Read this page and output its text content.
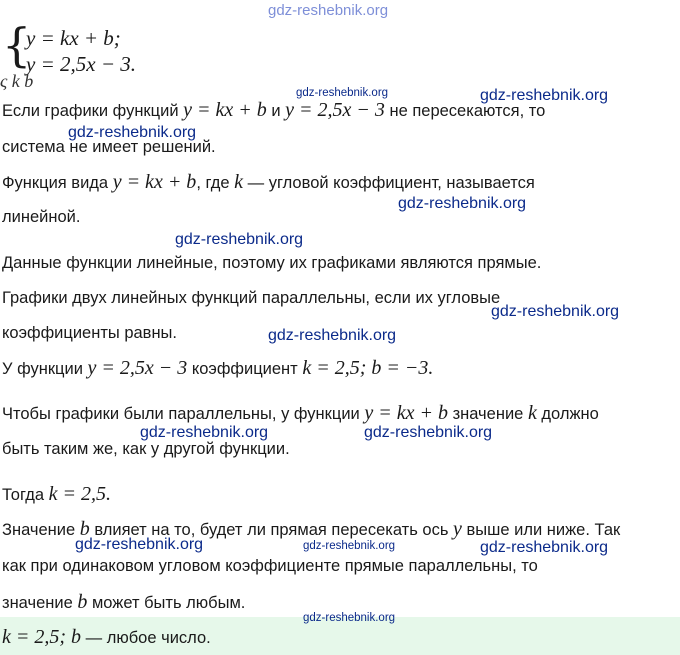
gdz-reshebnik.org
{
y = kx + b;
y = 2,5x − 3.
ς k b
Если графики функций y = kx + b и y = 2,5x − 3 не пересекаются, то
система не имеет решений.
Функция вида y = kx + b, где k — угловой коэффициент, называется
линейной.
Данные функции линейные, поэтому их графиками являются прямые.
Графики двух линейных функций параллельны, если их угловые
коэффициенты равны.
У функции y = 2,5x − 3 коэффициент k = 2,5; b = −3.
Чтобы графики были параллельны, у функции y = kx + b значение k должно
быть таким же, как у другой функции.
Тогда k = 2,5.
Значение b влияет на то, будет ли прямая пересекать ось y выше или ниже. Так
как при одинаковом угловом коэффициенте прямые параллельны, то
значение b может быть любым.
k = 2,5; b — любое число.
gdz-reshebnik.org	gdz-reshebnik.org
gdz-reshebnik.org
gdz-reshebnik.org
gdz-reshebnik.org
gdz-reshebnik.org
gdz-reshebnik.org
gdz-reshebnik.org	gdz-reshebnik.org
gdz-reshebnik.org	gdz-reshebnik.org	gdz-reshebnik.org
gdz-reshebnik.org
